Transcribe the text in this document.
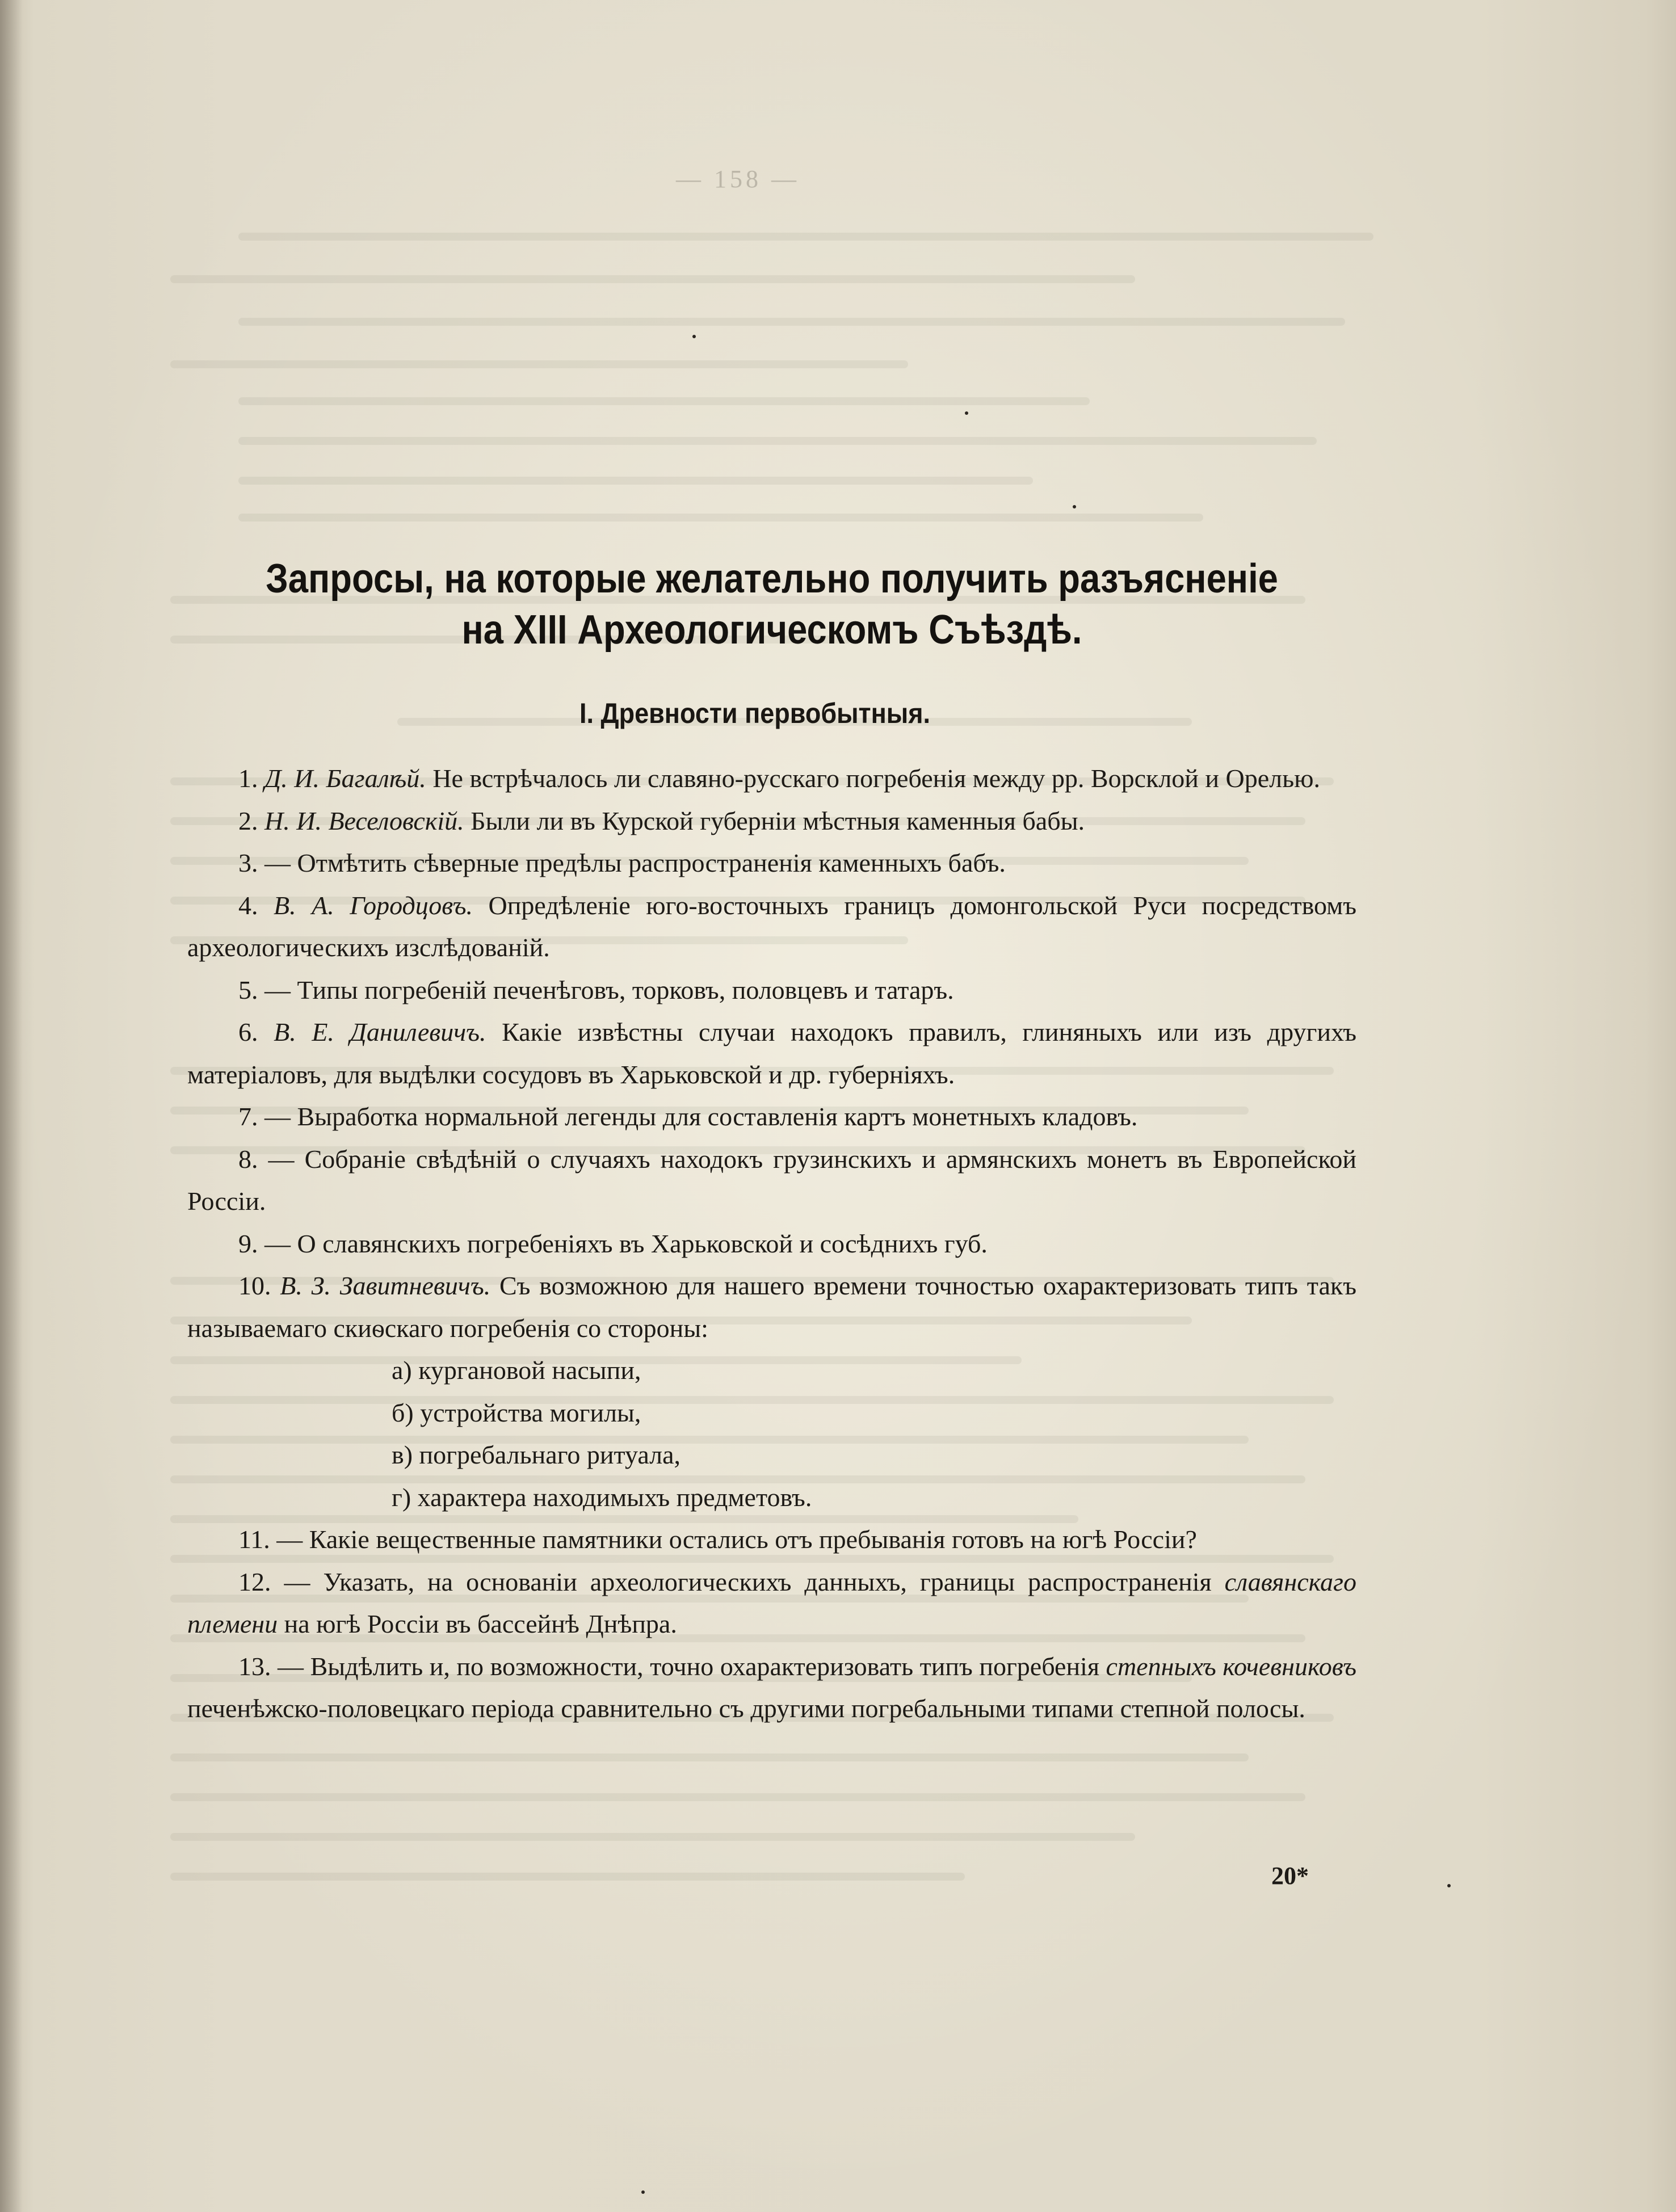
— 158 —
Запросы, на которые желательно получить разъясненіе
на XIII Археологическомъ Съѣздѣ.
I. Древности первобытныя.

1. Д. И. Багалѣй. Не встрѣчалось ли славяно-русскаго погребенія между рр. Ворсклой и Орелью.

2. Н. И. Веселовскій. Были ли въ Курской губерніи мѣстныя каменныя бабы.

3. — Отмѣтить сѣверные предѣлы распространенія каменныхъ бабъ.

4. В. А. Городцовъ. Опредѣленіе юго-восточныхъ границъ домонгольской Руси посредствомъ археологическихъ изслѣдованій.

5. — Типы погребеній печенѣговъ, торковъ, половцевъ и татаръ.

6. В. Е. Данилевичъ. Какіе извѣстны случаи находокъ правилъ, глиняныхъ или изъ другихъ матеріаловъ, для выдѣлки сосудовъ въ Харьковской и др. губерніяхъ.

7. — Выработка нормальной легенды для составленія картъ монетныхъ кладовъ.

8. — Собраніе свѣдѣній о случаяхъ находокъ грузинскихъ и армянскихъ монетъ въ Европейской Россіи.

9. — О славянскихъ погребеніяхъ въ Харьковской и сосѣднихъ губ.

10. В. З. Завитневичъ. Съ возможною для нашего времени точностью охарактеризовать типъ такъ называемаго скиѳскаго погребенія со стороны:

а) кургановой насыпи,
б) устройства могилы,
в) погребальнаго ритуала,
г) характера находимыхъ предметовъ.

11. — Какіе вещественные памятники остались отъ пребыванія готовъ на югѣ Россіи?

12. — Указать, на основаніи археологическихъ данныхъ, границы распространенія славянскаго племени на югѣ Россіи въ бассейнѣ Днѣпра.

13. — Выдѣлить и, по возможности, точно охарактеризовать типъ погребенія степныхъ кочевниковъ печенѣжско-половецкаго періода сравнительно съ другими погребальными типами степной полосы.

20*
